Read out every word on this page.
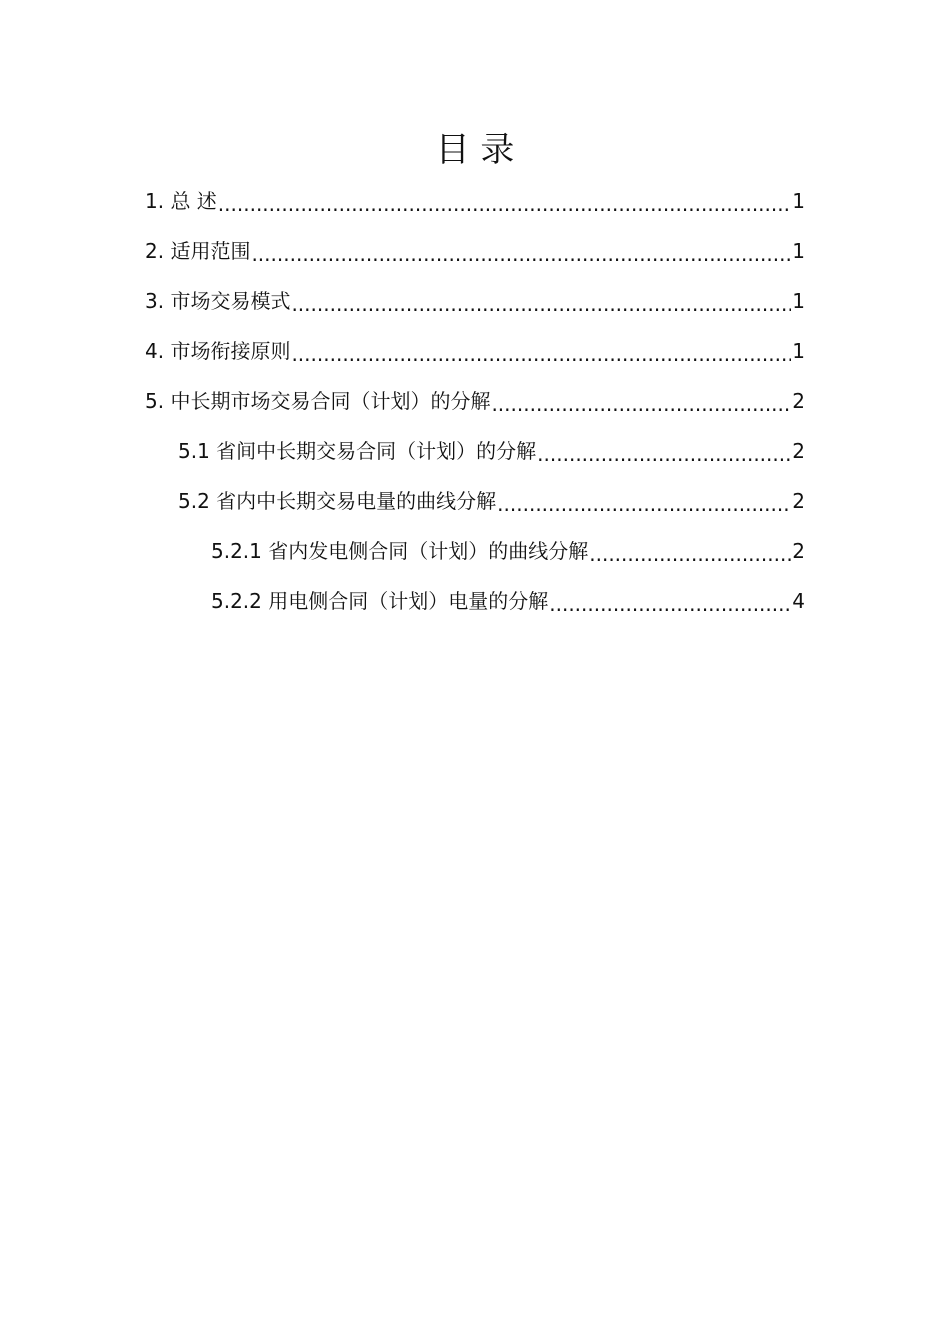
目 录
1. 总 述 .....	1
2. 适用范围 .....	1
3. 市场交易模式 .....	1
4. 市场衔接原则 .....	1
5. 中长期市场交易合同（计划）的分解 .....	2
5.1 省间中长期交易合同（计划）的分解 .....	2
5.2 省内中长期交易电量的曲线分解 .....	2
5.2.1 省内发电侧合同（计划）的曲线分解 .....	2
5.2.2 用电侧合同（计划）电量的分解 .....	4
